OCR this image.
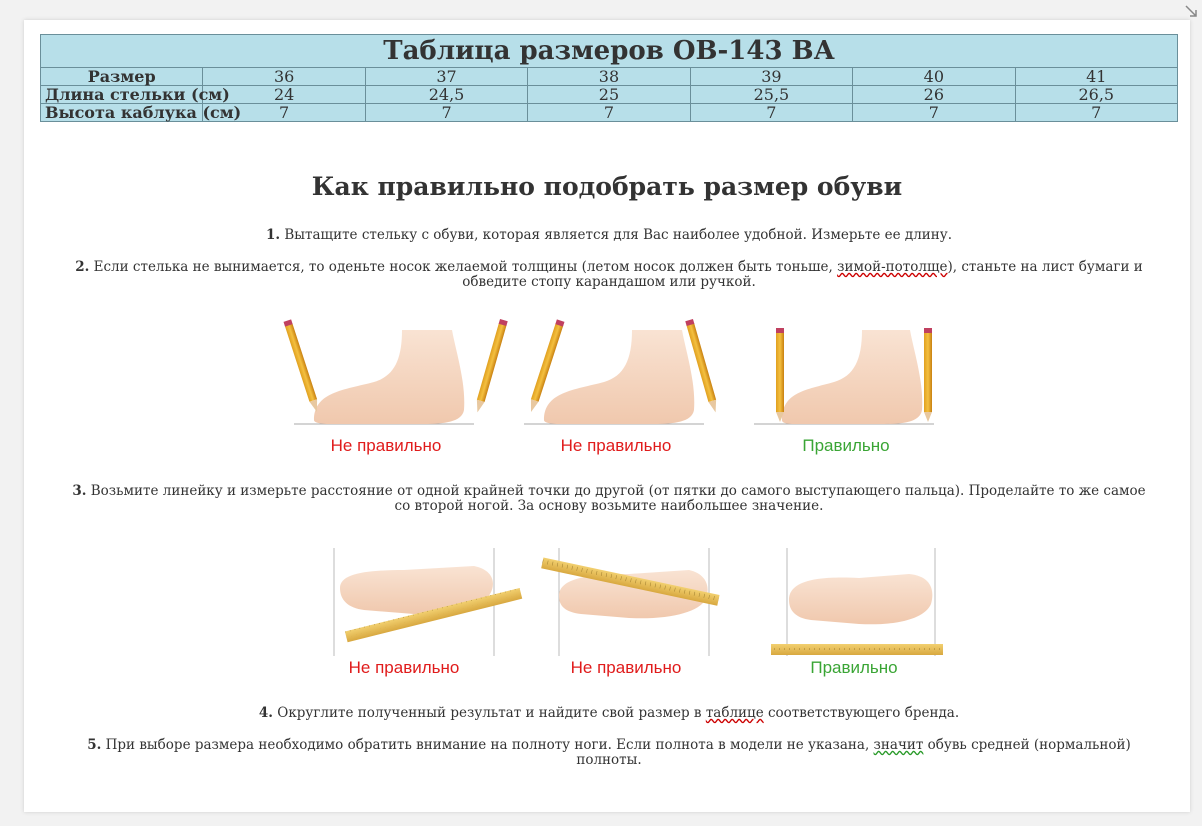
Таблица размеров ОВ-143 ВА						
Размер	36	37	38	39	40	41
Длина стельки (см)	24	24,5	25	25,5	26	26,5
Высота каблука (см)	7	7	7	7	7	7
Как правильно подобрать размер обуви
1. Вытащите стельку с обуви, которая является для Вас наиболее удобной. Измерьте ее длину.
2. Если стелька не вынимается, то оденьте носок желаемой толщины (летом носок должен быть тоньше, зимой-потолще), станьте на лист бумаги и обведите стопу карандашом или ручкой.
Не правильно	Не правильно	Правильно
3. Возьмите линейку и измерьте расстояние от одной крайней точки до другой (от пятки до самого выступающего пальца). Проделайте то же самое со второй ногой. За основу возьмите наибольшее значение.
Не правильно	Не правильно	Правильно
4. Округлите полученный результат и найдите свой размер в таблице соответствующего бренда.
5. При выборе размера необходимо обратить внимание на полноту ноги. Если полнота в модели не указана, значит обувь средней (нормальной) полноты.
